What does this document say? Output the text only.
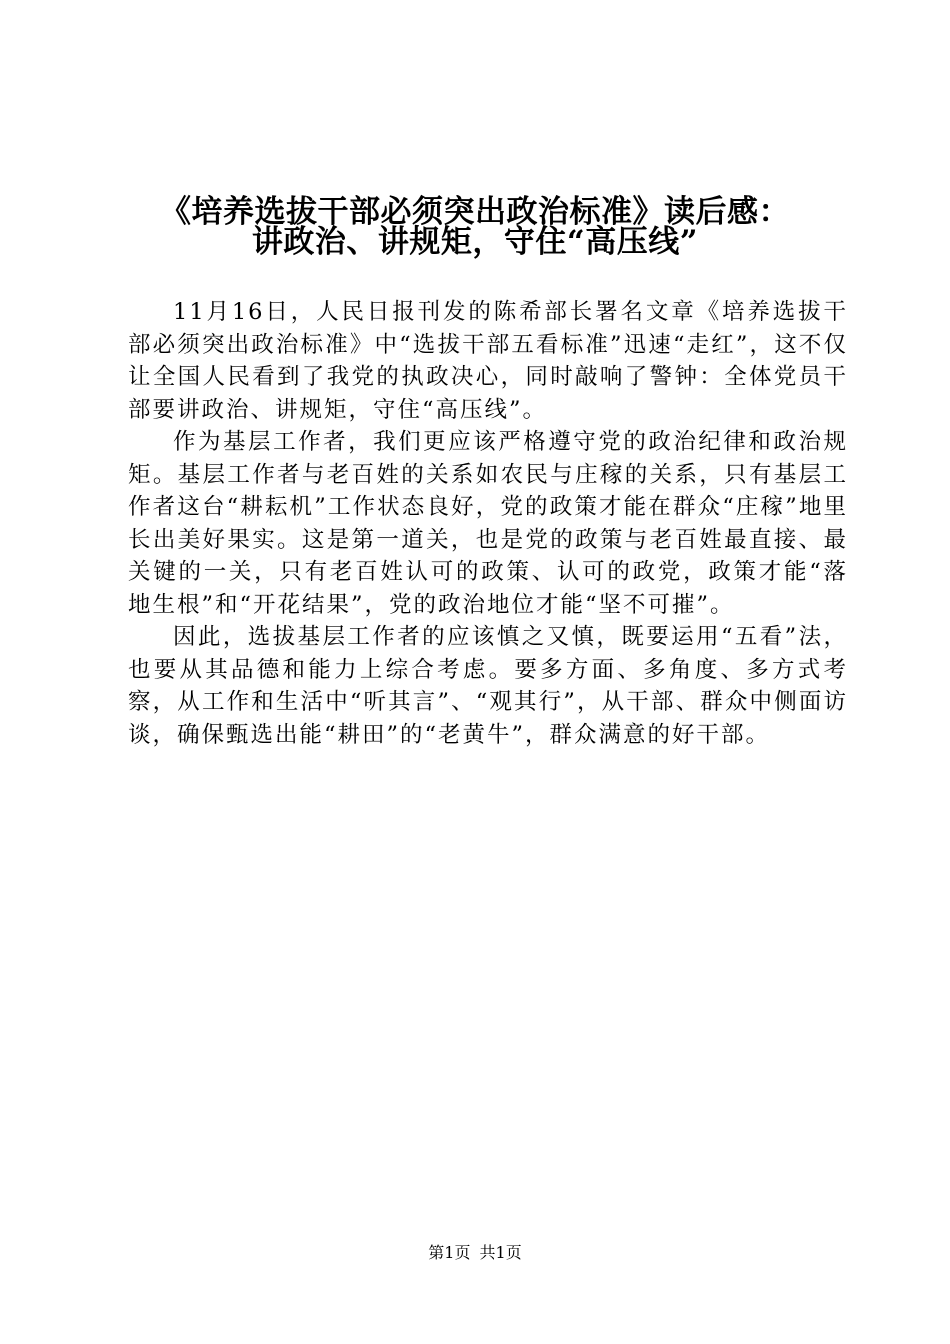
《培养选拔干部必须突出政治标准》读后感：
讲政治、讲规矩，守住“高压线”

11月16日，人民日报刊发的陈希部长署名文章《培养选拔干部必须突出政治标准》中“选拔干部五看标准”迅速“走红”，这不仅让全国人民看到了我党的执政决心，同时敲响了警钟：全体党员干部要讲政治、讲规矩，守住“高压线”。

作为基层工作者，我们更应该严格遵守党的政治纪律和政治规矩。基层工作者与老百姓的关系如农民与庄稼的关系，只有基层工作者这台“耕耘机”工作状态良好，党的政策才能在群众“庄稼”地里长出美好果实。这是第一道关，也是党的政策与老百姓最直接、最关键的一关，只有老百姓认可的政策、认可的政党，政策才能“落地生根”和“开花结果”，党的政治地位才能“坚不可摧”。

因此，选拔基层工作者的应该慎之又慎，既要运用“五看”法，也要从其品德和能力上综合考虑。要多方面、多角度、多方式考察，从工作和生活中“听其言”、“观其行”，从干部、群众中侧面访谈，确保甄选出能“耕田”的“老黄牛”，群众满意的好干部。

第1页 共1页
